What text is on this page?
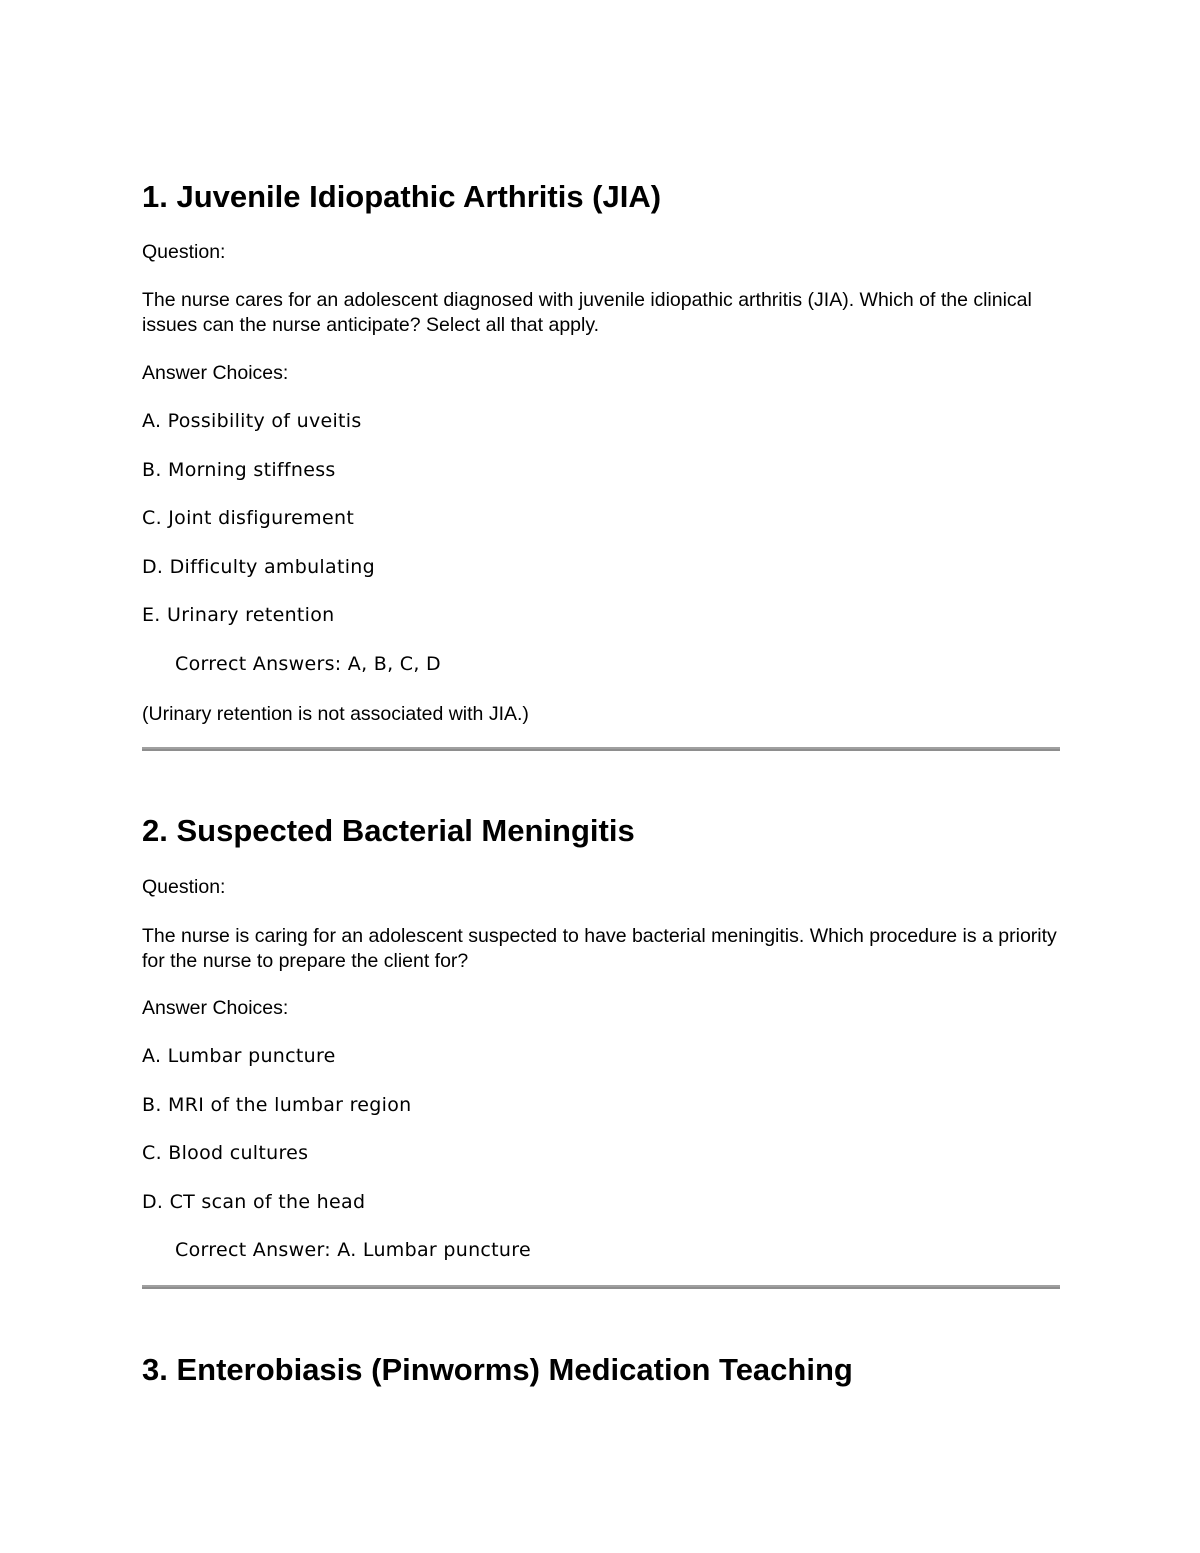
1. Juvenile Idiopathic Arthritis (JIA)

Question:

The nurse cares for an adolescent diagnosed with juvenile idiopathic arthritis (JIA). Which of the clinical issues can the nurse anticipate? Select all that apply.

Answer Choices:

A. Possibility of uveitis

B. Morning stiffness

C. Joint disfigurement

D. Difficulty ambulating

E. Urinary retention

Correct Answers: A, B, C, D

(Urinary retention is not associated with JIA.)

2. Suspected Bacterial Meningitis

Question:

The nurse is caring for an adolescent suspected to have bacterial meningitis. Which procedure is a priority for the nurse to prepare the client for?

Answer Choices:

A. Lumbar puncture

B. MRI of the lumbar region

C. Blood cultures

D. CT scan of the head

Correct Answer: A. Lumbar puncture

3. Enterobiasis (Pinworms) Medication Teaching
